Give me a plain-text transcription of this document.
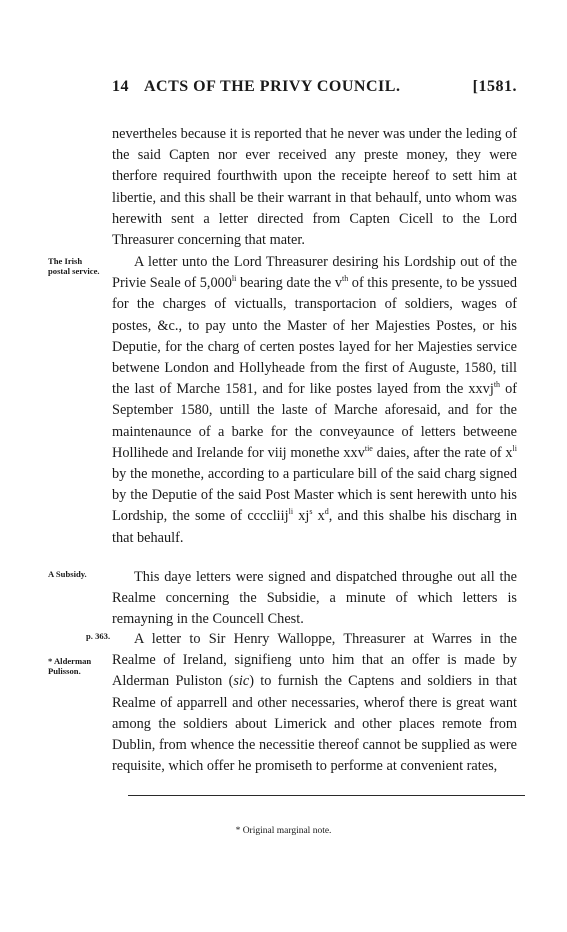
14 ACTS OF THE PRIVY COUNCIL.	[1581.

nevertheles because it is reported that he never was under the leding of the said Capten nor ever received any preste money, they were therfore required fourthwith upon the receipte hereof to sett him at libertie, and this shall be their warrant in that behaulf, unto whom was herewith sent a letter directed from Capten Cicell to the Lord Threasurer concerning that mater.

The Irish
postal service.

A letter unto the Lord Threasurer desiring his Lordship out of the Privie Seale of $5,000^{li}$ bearing date the $v^{th}$ of this presente, to be yssued for the charges of victualls, transportacion of soldiers, wages of postes, &c., to pay unto the Master of her Majesties Postes, or his Deputie, for the charg of certen postes layed for her Majesties service betwene London and Hollyheade from the first of Auguste, 1580, till the last of Marche 1581, and for like postes layed from the xxvj$^{th}$ of September 1580, untill the laste of Marche aforesaid, and for the maintenaunce of a barke for the conveyaunce of letters betweene Hollihede and Irelande for viij monethe xxv$^{tie}$ daies, after the rate of $x^{li}$ by the monethe, according to a particulare bill of the said charg signed by the Deputie of the said Post Master which is sent herewith unto his Lordship, the some of ccccliij$^{li}$ $xj^s$ $x^d$, and this shalbe his discharg in that behaulf.

A Subsidy.	This daye letters were signed and dispatched throughe out all the Realme concerning the Subsidie, a minute of which letters is remayning in the Councell Chest.

p. 363.
* Alderman
Pulisson.

A letter to Sir Henry Walloppe, Threasurer at Warres in the Realme of Ireland, signifieng unto him that an offer is made by Alderman Puliston (sic) to furnish the Captens and soldiers in that Realme of apparrell and other necessaries, wherof there is great want among the soldiers about Limerick and other places remote from Dublin, from whence the necessitie thereof cannot be supplied as were requisite, which offer he promiseth to performe at convenient rates,

* Original marginal note.
